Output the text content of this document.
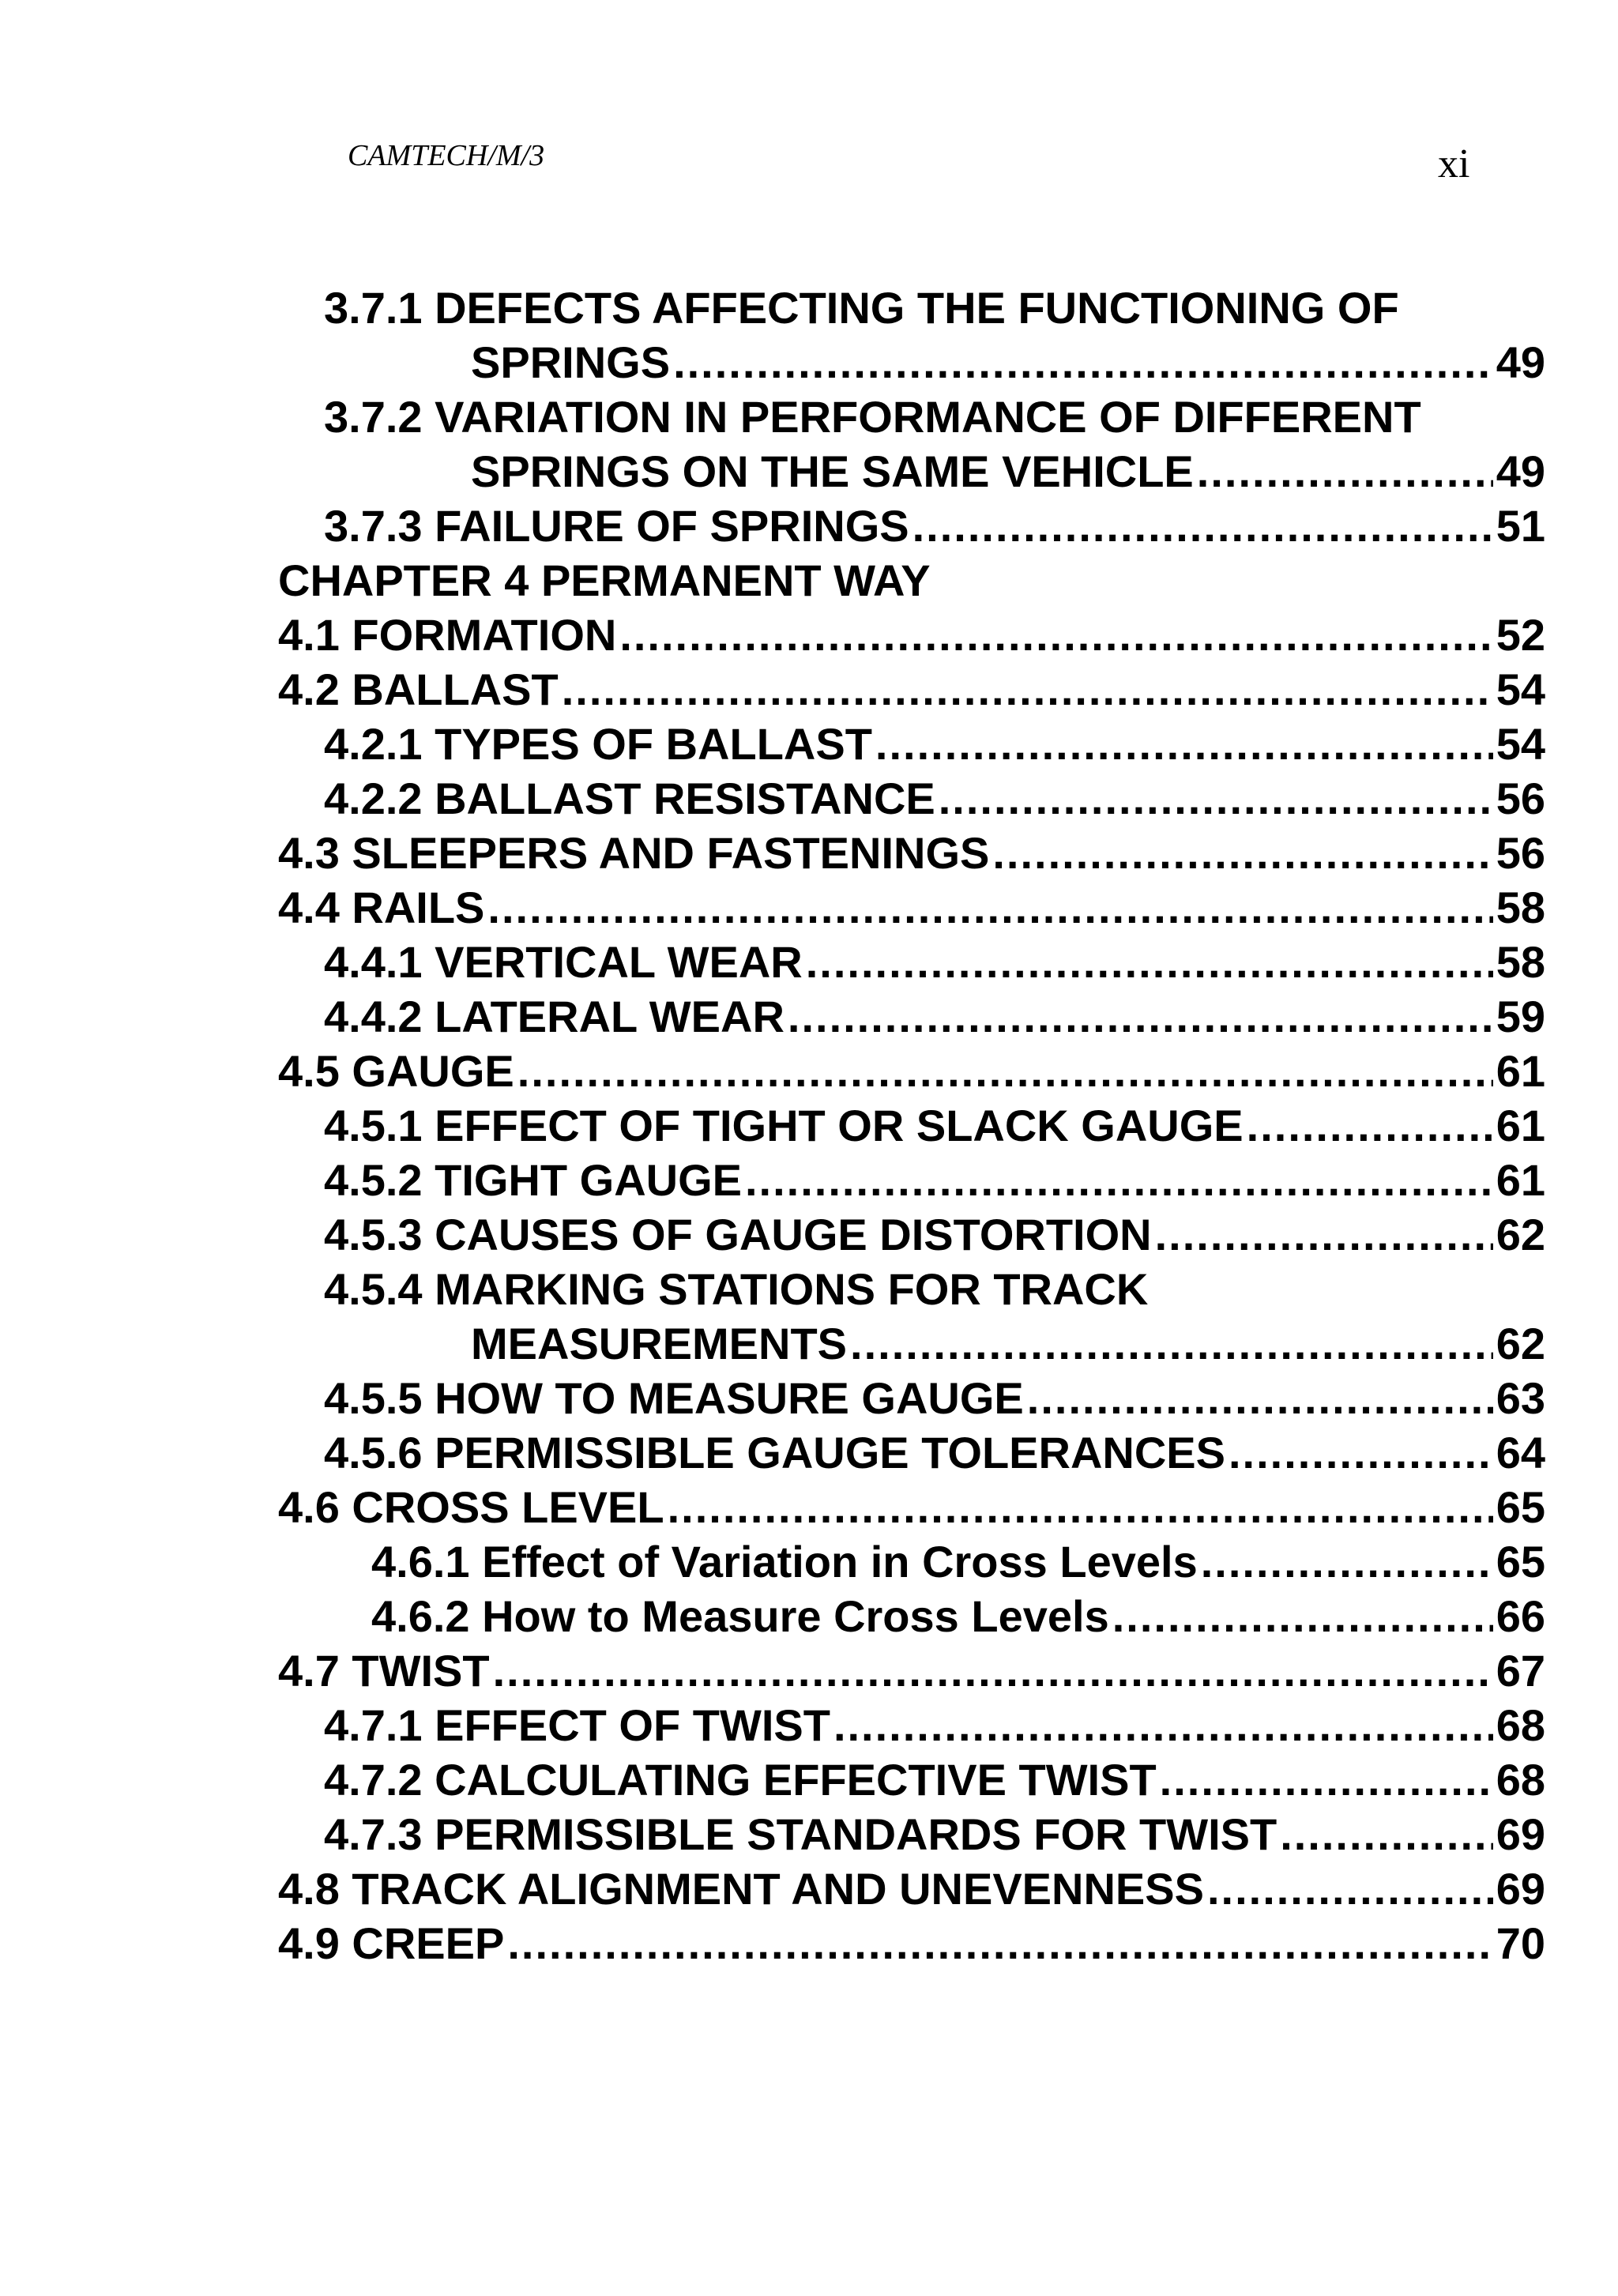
CAMTECH/M/3	xi

3.7.1 DEFECTS AFFECTING THE FUNCTIONING OF
SPRINGS .....	49
3.7.2 VARIATION IN PERFORMANCE OF DIFFERENT
SPRINGS ON THE SAME VEHICLE .....	49
3.7.3 FAILURE OF SPRINGS .....	51
CHAPTER 4 PERMANENT WAY
4.1 FORMATION .....	52
4.2 BALLAST .....	54
4.2.1 TYPES OF BALLAST .....	54
4.2.2 BALLAST RESISTANCE .....	56
4.3 SLEEPERS AND FASTENINGS .....	56
4.4 RAILS .....	58
4.4.1 VERTICAL WEAR .....	58
4.4.2 LATERAL WEAR .....	59
4.5 GAUGE .....	61
4.5.1 EFFECT OF TIGHT OR SLACK GAUGE .....	61
4.5.2 TIGHT GAUGE .....	61
4.5.3 CAUSES OF GAUGE DISTORTION .....	62
4.5.4 MARKING STATIONS FOR TRACK
MEASUREMENTS .....	62
4.5.5 HOW TO MEASURE GAUGE .....	63
4.5.6 PERMISSIBLE GAUGE TOLERANCES .....	64
4.6 CROSS LEVEL .....	65
4.6.1 Effect of Variation in Cross Levels .....	65
4.6.2 How to Measure Cross Levels .....	66
4.7 TWIST .....	67
4.7.1 EFFECT OF TWIST .....	68
4.7.2 CALCULATING EFFECTIVE TWIST .....	68
4.7.3 PERMISSIBLE STANDARDS FOR TWIST .....	69
4.8 TRACK ALIGNMENT AND UNEVENNESS .....	69
4.9 CREEP .....	70
